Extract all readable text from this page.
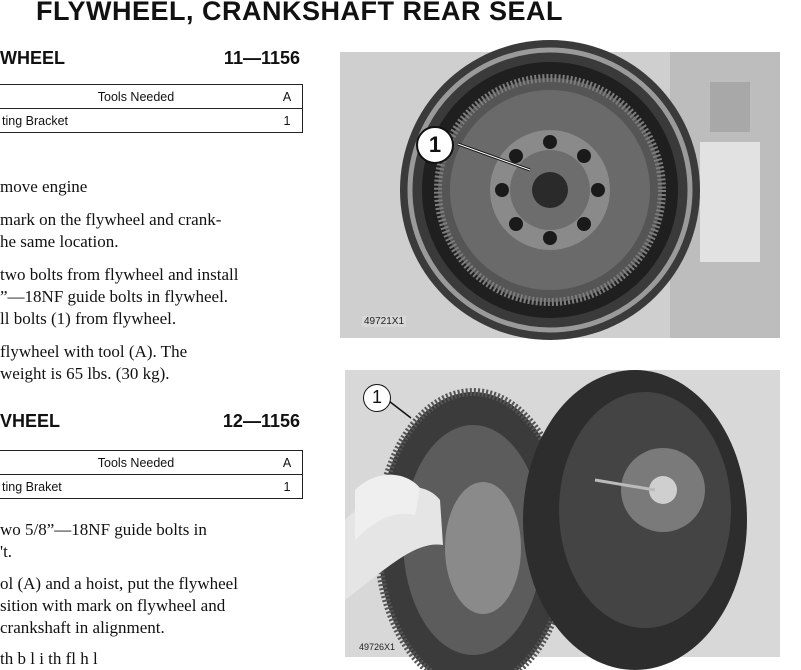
FLYWHEEL, CRANKSHAFT REAR SEAL
WHEEL	11—1156
Tools Needed	A
ting Bracket	1

move engine

mark on the flywheel and crank-
he same location.

two bolts from flywheel and install
”—18NF guide bolts in flywheel.
ll bolts (1) from flywheel.

flywheel with tool (A). The
weight is 65 lbs. (30 kg).

VHEEL	12—1156
Tools Needed	A
ting Braket	1

wo 5/8”—18NF guide bolts in
't.

ol (A) and a hoist, put the flywheel
sition with mark on flywheel and
crankshaft in alignment.

th b l i th fl h l

1
49721X1
1
49726X1
